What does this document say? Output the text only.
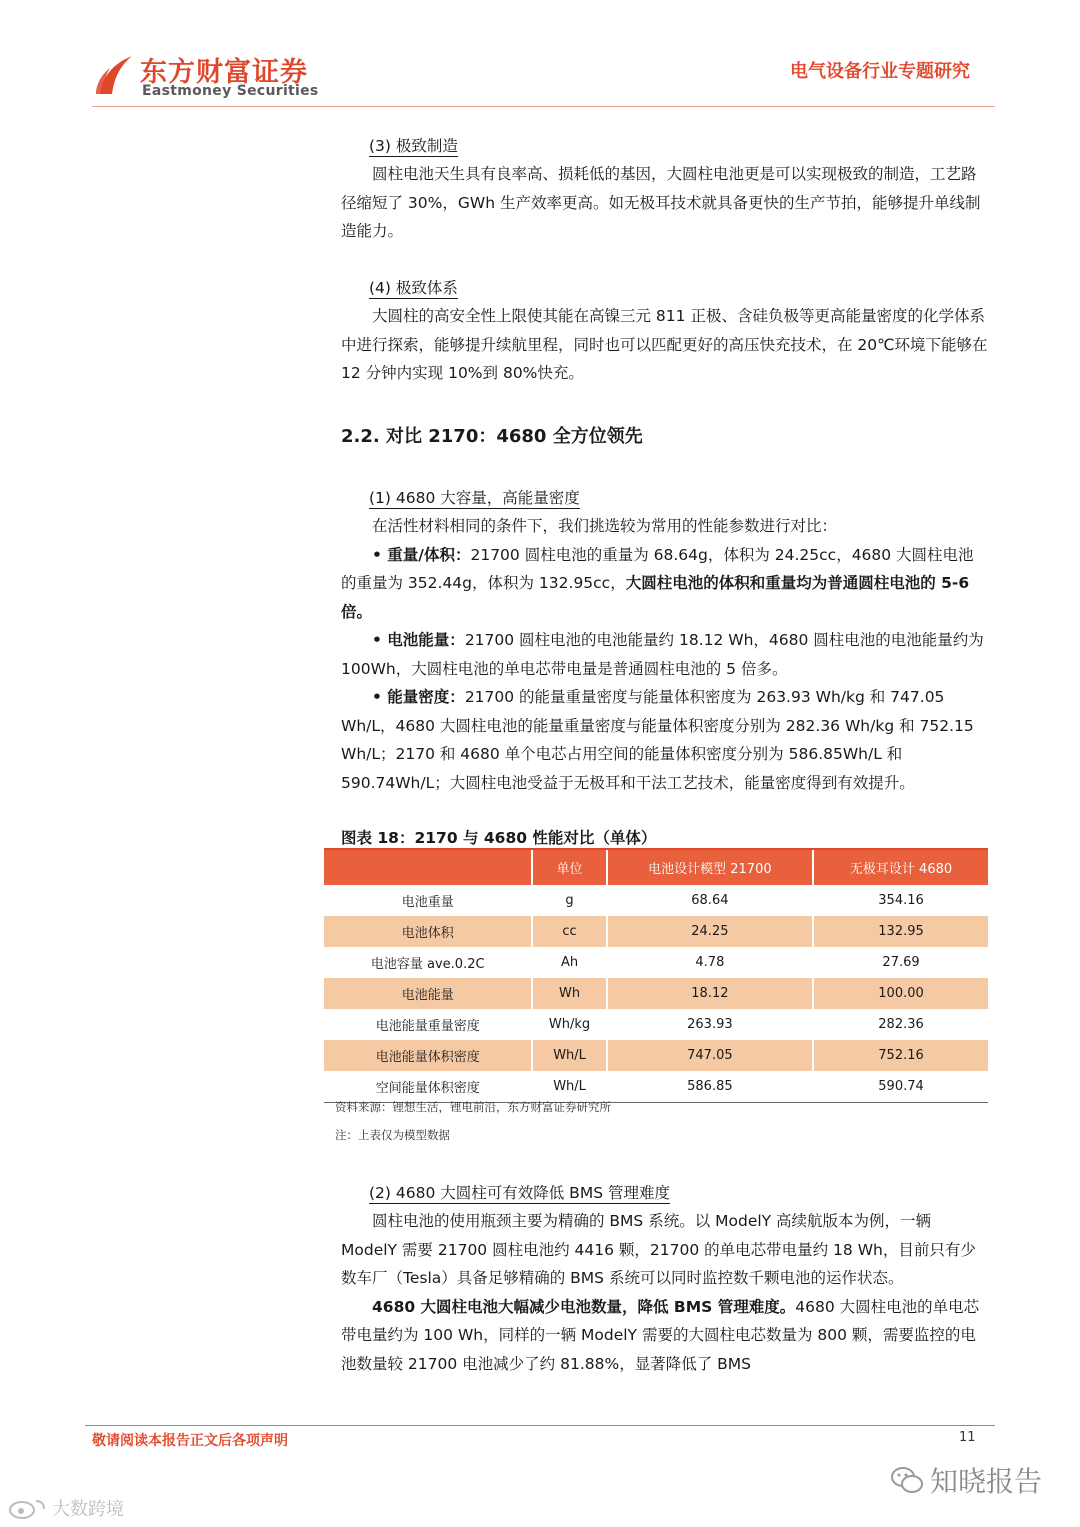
东方财富证券
Eastmoney Securities
电气设备行业专题研究
(3) 极致制造

圆柱电池天生具有良率高、损耗低的基因，大圆柱电池更是可以实现极致的制造，工艺路径缩短了 30%，GWh 生产效率更高。如无极耳技术就具备更快的生产节拍，能够提升单线制造能力。

(4) 极致体系

大圆柱的高安全性上限使其能在高镍三元 811 正极、含硅负极等更高能量密度的化学体系中进行探索，能够提升续航里程，同时也可以匹配更好的高压快充技术，在 20℃环境下能够在 12 分钟内实现 10%到 80%快充。

2.2. 对比 2170：4680 全方位领先
(1) 4680 大容量，高能量密度

在活性材料相同的条件下，我们挑选较为常用的性能参数进行对比：

• 重量/体积：21700 圆柱电池的重量为 68.64g，体积为 24.25cc，4680 大圆柱电池的重量为 352.44g，体积为 132.95cc，大圆柱电池的体积和重量均为普通圆柱电池的 5-6 倍。

• 电池能量：21700 圆柱电池的电池能量约 18.12 Wh，4680 圆柱电池的电池能量约为 100Wh，大圆柱电池的单电芯带电量是普通圆柱电池的 5 倍多。

• 能量密度：21700 的能量重量密度与能量体积密度为 263.93 Wh/kg 和 747.05 Wh/L，4680 大圆柱电池的能量重量密度与能量体积密度分别为 282.36 Wh/kg 和 752.15 Wh/L；2170 和 4680 单个电芯占用空间的能量体积密度分别为 586.85Wh/L 和 590.74Wh/L；大圆柱电池受益于无极耳和干法工艺技术，能量密度得到有效提升。

图表 18：2170 与 4680 性能对比（单体）
	单位	电池设计模型 21700	无极耳设计 4680
电池重量	g	68.64	354.16
电池体积	cc	24.25	132.95
电池容量 ave.0.2C	Ah	4.78	27.69
电池能量	Wh	18.12	100.00
电池能量重量密度	Wh/kg	263.93	282.36
电池能量体积密度	Wh/L	747.05	752.16
空间能量体积密度	Wh/L	586.85	590.74
资料来源：锂想生活，锂电前沿，东方财富证券研究所
注：上表仅为模型数据
(2) 4680 大圆柱可有效降低 BMS 管理难度

圆柱电池的使用瓶颈主要为精确的 BMS 系统。以 ModelY 高续航版本为例，一辆 ModelY 需要 21700 圆柱电池约 4416 颗，21700 的单电芯带电量约 18 Wh，目前只有少数车厂（Tesla）具备足够精确的 BMS 系统可以同时监控数千颗电池的运作状态。

4680 大圆柱电池大幅减少电池数量，降低 BMS 管理难度。4680 大圆柱电池的单电芯带电量约为 100 Wh，同样的一辆 ModelY 需要的大圆柱电芯数量为 800 颗，需要监控的电池数量较 21700 电池减少了约 81.88%，显著降低了 BMS

敬请阅读本报告正文后各项声明	11
知晓报告
大数跨境
